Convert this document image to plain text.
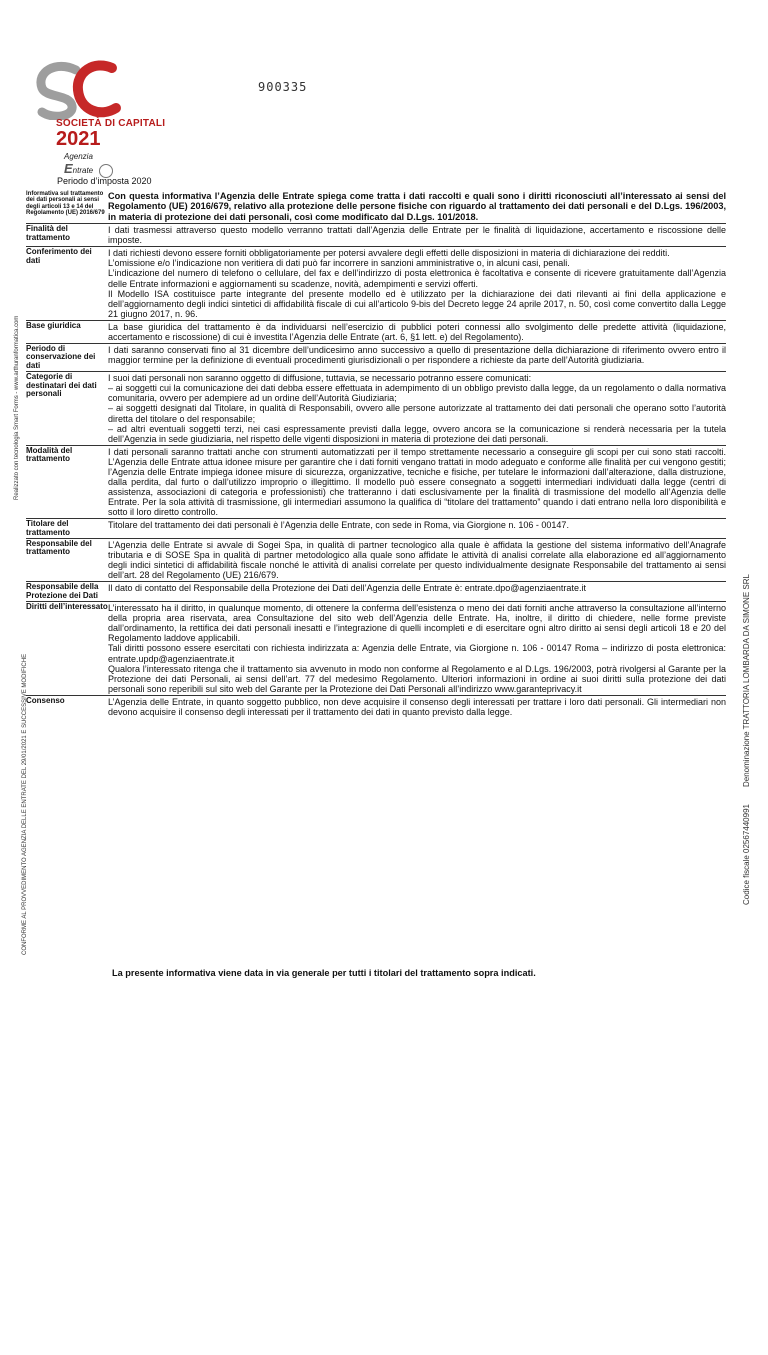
SOCIETÀ DI CAPITALI
2021
Agenzia
Entrate
Periodo d’imposta 2020
900335
Realizzato con tecnologia Smart Forms - www.arthuranformatica.com
CONFORME AL PROVVEDIMENTO AGENZIA DELLE ENTRATE DEL 29/01/2021 E SUCCESSIVE MODIFICHE	Codice fiscale 02567440991
Denominazione TRATTORIA LOMBARDA DA SIMONE SRL
Informativa sul trattamento dei dati personali ai sensi degli articoli 13 e 14 del Regolamento (UE) 2016/679	Con questa informativa l’Agenzia delle Entrate spiega come tratta i dati raccolti e quali sono i diritti riconosciuti all’interessato ai sensi del Regolamento (UE) 2016/679, relativo alla protezione delle persone fisiche con riguardo al trattamento dei dati personali e del D.Lgs. 196/2003, in materia di protezione dei dati personali, così come modificato dal D.Lgs. 101/2018.
Finalità del trattamento	I dati trasmessi attraverso questo modello verranno trattati dall’Agenzia delle Entrate per le finalità di liquidazione, accertamento e riscossione delle imposte.

Conferimento dei dati	I dati richiesti devono essere forniti obbligatoriamente per potersi avvalere degli effetti delle disposizioni in materia di dichiarazione dei redditi.

L’omissione e/o l’indicazione non veritiera di dati può far incorrere in sanzioni amministrative o, in alcuni casi, penali.

L’indicazione del numero di telefono o cellulare, del fax e dell’indirizzo di posta elettronica è facoltativa e consente di ricevere gratuitamente dall’Agenzia delle Entrate informazioni e aggiornamenti su scadenze, novità, adempimenti e servizi offerti.

Il Modello ISA costituisce parte integrante del presente modello ed è utilizzato per la dichiarazione dei dati rilevanti ai fini della applicazione e dell’aggiornamento degli indici sintetici di affidabilità fiscale di cui all’articolo 9-bis del Decreto legge 24 aprile 2017, n. 50, così come convertito dalla Legge 21 giugno 2017, n. 96.

Base giuridica	La base giuridica del trattamento è da individuarsi nell’esercizio di pubblici poteri connessi allo svolgimento delle predette attività (liquidazione, accertamento e riscossione) di cui è investita l’Agenzia delle Entrate (art. 6, §1 lett. e) del Regolamento).

Periodo di conservazione dei dati	I dati saranno conservati fino al 31 dicembre dell’undicesimo anno successivo a quello di presentazione della dichiarazione di riferimento ovvero entro il maggior termine per la definizione di eventuali procedimenti giurisdizionali o per rispondere a richieste da parte dell’Autorità giudiziaria.

Categorie di destinatari dei dati personali	I suoi dati personali non saranno oggetto di diffusione, tuttavia, se necessario potranno essere comunicati:

– ai soggetti cui la comunicazione dei dati debba essere effettuata in adempimento di un obbligo previsto dalla legge, da un regolamento o dalla normativa comunitaria, ovvero per adempiere ad un ordine dell’Autorità Giudiziaria;

– ai soggetti designati dal Titolare, in qualità di Responsabili, ovvero alle persone autorizzate al trattamento dei dati personali che operano sotto l’autorità diretta del titolare o del responsabile;

– ad altri eventuali soggetti terzi, nei casi espressamente previsti dalla legge, ovvero ancora se la comunicazione si renderà necessaria per la tutela dell’Agenzia in sede giudiziaria, nel rispetto delle vigenti disposizioni in materia di protezione dei dati personali.

Modalità del trattamento	I dati personali saranno trattati anche con strumenti automatizzati per il tempo strettamente necessario a conseguire gli scopi per cui sono stati raccolti. L’Agenzia delle Entrate attua idonee misure per garantire che i dati forniti vengano trattati in modo adeguato e conforme alle finalità per cui vengono gestiti; l’Agenzia delle Entrate impiega idonee misure di sicurezza, organizzative, tecniche e fisiche, per tutelare le informazioni dall’alterazione, dalla distruzione, dalla perdita, dal furto o dall’utilizzo improprio o illegittimo. Il modello può essere consegnato a soggetti intermediari individuati dalla legge (centri di assistenza, associazioni di categoria e professionisti) che tratteranno i dati esclusivamente per la finalità di trasmissione del modello all’Agenzia delle Entrate. Per la sola attività di trasmissione, gli intermediari assumono la qualifica di “titolare del trattamento” quando i dati entrano nella loro disponibilità e sotto il loro diretto controllo.

Titolare del trattamento	Titolare del trattamento dei dati personali è l’Agenzia delle Entrate, con sede in Roma, via Giorgione n. 106 - 00147.

Responsabile del trattamento	L’Agenzia delle Entrate si avvale di Sogei Spa, in qualità di partner tecnologico alla quale è affidata la gestione del sistema informativo dell’Anagrafe tributaria e di SOSE Spa in qualità di partner metodologico alla quale sono affidate le attività di analisi correlate alla elaborazione ed all’aggiornamento degli indici sintetici di affidabilità fiscale nonché le attività di analisi correlate per questo individualmente designate Responsabile del trattamento ai sensi dell’art. 28 del Regolamento (UE) 216/679.

Responsabile della Protezione dei Dati	Il dato di contatto del Responsabile della Protezione dei Dati dell’Agenzia delle Entrate è: entrate.dpo@agenziaentrate.it

Diritti dell’interessato	L’interessato ha il diritto, in qualunque momento, di ottenere la conferma dell’esistenza o meno dei dati forniti anche attraverso la consultazione all’interno della propria area riservata, area Consultazione del sito web dell’Agenzia delle Entrate. Ha, inoltre, il diritto di chiedere, nelle forme previste dall’ordinamento, la rettifica dei dati personali inesatti e l’integrazione di quelli incompleti e di esercitare ogni altro diritto ai sensi degli articoli 18 e 20 del Regolamento laddove applicabili.

Tali diritti possono essere esercitati con richiesta indirizzata a: Agenzia delle Entrate, via Giorgione n. 106 - 00147 Roma – indirizzo di posta elettronica: entrate.updp@agenziaentrate.it

Qualora l’interessato ritenga che il trattamento sia avvenuto in modo non conforme al Regolamento e al D.Lgs. 196/2003, potrà rivolgersi al Garante per la Protezione dei dati Personali, ai sensi dell’art. 77 del medesimo Regolamento. Ulteriori informazioni in ordine ai suoi diritti sulla protezione dei dati personali sono reperibili sul sito web del Garante per la Protezione dei Dati Personali all’indirizzo www.garanteprivacy.it

Consenso	L’Agenzia delle Entrate, in quanto soggetto pubblico, non deve acquisire il consenso degli interessati per trattare i loro dati personali. Gli intermediari non devono acquisire il consenso degli interessati per il trattamento dei dati in quanto previsto dalla legge.

La presente informativa viene data in via generale per tutti i titolari del trattamento sopra indicati.
